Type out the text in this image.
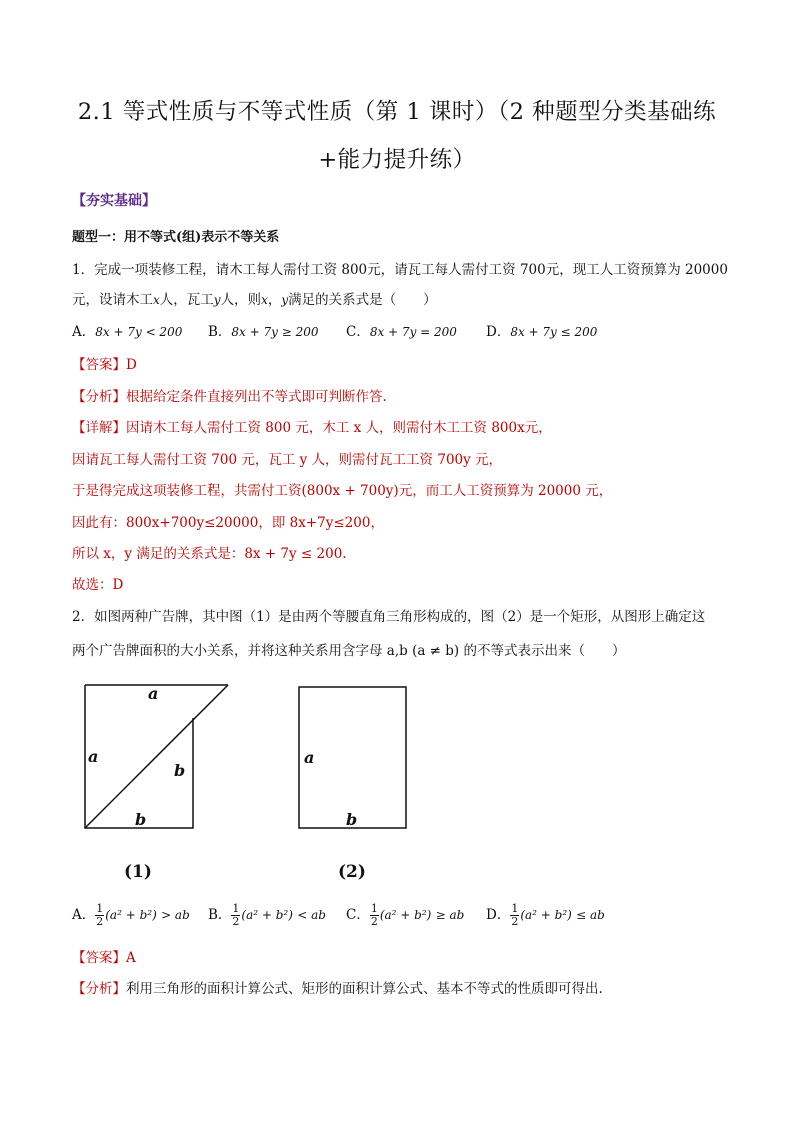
2.1 等式性质与不等式性质（第 1 课时）（2 种题型分类基础练
+能力提升练）
【夯实基础】
题型一：用不等式(组)表示不等关系
1．完成一项装修工程，请木工每人需付工资 800元，请瓦工每人需付工资 700元，现工人工资预算为 20000
元，设请木工x人，瓦工y人，则x，y满足的关系式是（　　）
A．8x + 7y < 200 B．8x + 7y ≥ 200 C．8x + 7y = 200 D．8x + 7y ≤ 200
【答案】D
【分析】根据给定条件直接列出不等式即可判断作答.
【详解】因请木工每人需付工资 800 元，木工 x 人，则需付木工工资 800x元，
因请瓦工每人需付工资 700 元，瓦工 y 人，则需付瓦工工资 700y 元，
于是得完成这项装修工程，共需付工资(800x + 700y)元，而工人工资预算为 20000 元，
因此有：800x+700y≤20000，即 8x+7y≤200，
所以 x，y 满足的关系式是：8x + 7y ≤ 200.
故选：D
2．如图两种广告牌，其中图（1）是由两个等腰直角三角形构成的，图（2）是一个矩形，从图形上确定这
两个广告牌面积的大小关系，并将这种关系用含字母 a,b (a ≠ b) 的不等式表示出来（　　）
a
a
b
b
(1)
a
b
(2)
A． $\frac{1}{2} (a^2 + b^2)$ > ab B． $\frac{1}{2} (a^2 + b^2)$ < ab C． $\frac{1}{2} (a^2 + b^2)$ ≥ ab D． $\frac{1}{2} (a^2 + b^2)$ ≤ ab
【答案】A
【分析】利用三角形的面积计算公式、矩形的面积计算公式、基本不等式的性质即可得出.
